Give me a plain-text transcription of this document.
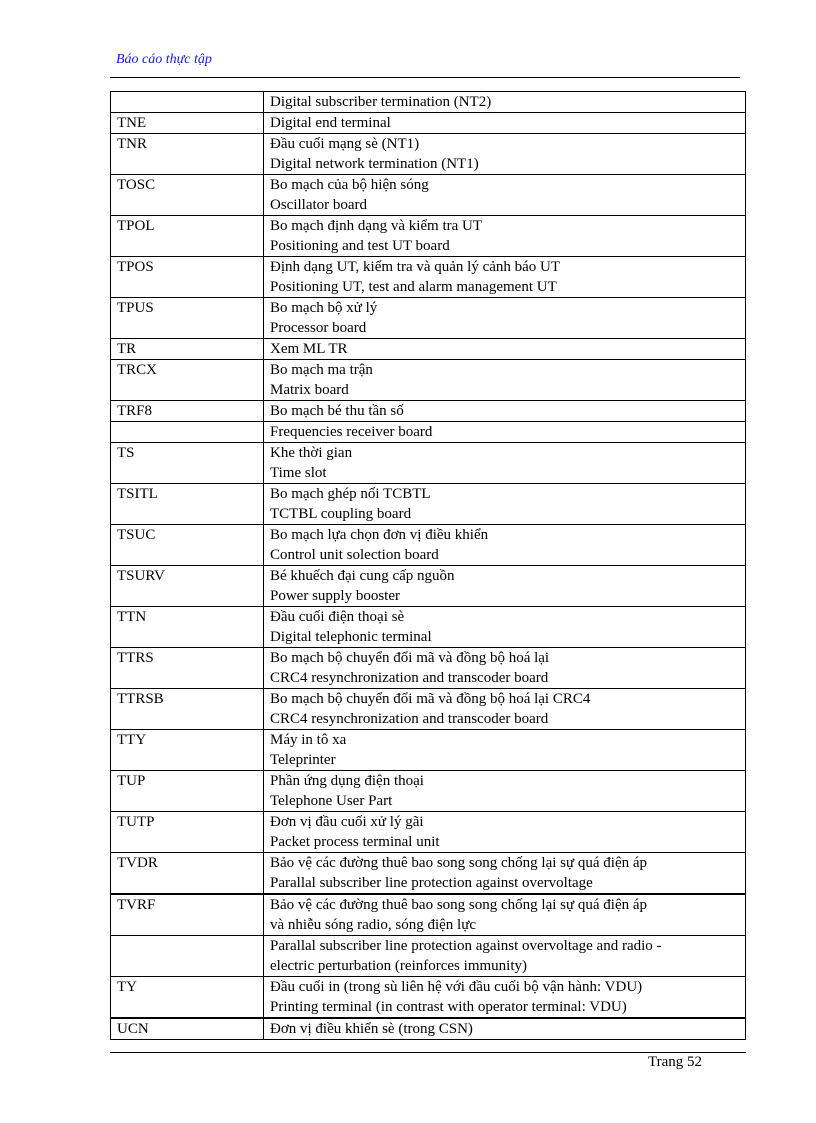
Báo cáo thực tập

	Digital subscriber termination (NT2)

TNE	Digital end terminal

TNR	Đầu cuối mạng sè (NT1)
Digital network termination (NT1)

TOSC	Bo mạch của bộ hiện sóng
Oscillator board

TPOL	Bo mạch định dạng và kiểm tra UT
Positioning and test UT board

TPOS	Định dạng UT, kiểm tra và quản lý cảnh báo UT
Positioning UT, test and alarm management UT

TPUS	Bo mạch bộ xử lý
Processor board

TR	Xem ML TR

TRCX	Bo mạch ma trận
Matrix board

TRF8	Bo mạch bé thu tần số

	Frequencies receiver board

TS	Khe thời gian
Time slot

TSITL	Bo mạch ghép nối TCBTL
TCTBL coupling board

TSUC	Bo mạch lựa chọn đơn vị điều khiển
Control unit solection board

TSURV	Bé khuếch đại cung cấp nguồn
Power supply booster

TTN	Đầu cuối điện thoại sè
Digital telephonic terminal

TTRS	Bo mạch bộ chuyển đổi mã và đồng bộ hoá lại
CRC4 resynchronization and transcoder board

TTRSB	Bo mạch bộ chuyển đổi mã và đồng bộ hoá lại CRC4
CRC4 resynchronization and transcoder board

TTY	Máy in tô xa
Teleprinter

TUP	Phần ứng dụng điện thoại
Telephone User Part

TUTP	Đơn vị đầu cuối xử lý gãi
Packet process terminal unit

TVDR	Bảo vệ các đường thuê bao song song chống lại sự quá điện áp
Parallal subscriber line protection against overvoltage

TVRF	Bảo vệ các đường thuê bao song song chống lại sự quá điện áp
và nhiễu sóng radio, sóng điện lực

	Parallal subscriber line protection against overvoltage and radio -
electric perturbation (reinforces immunity)

TY	Đầu cuối in (trong sù liên hệ với đầu cuối bộ vận hành: VDU)
Printing terminal (in contrast with operator terminal: VDU)

UCN	Đơn vị điều khiển sè (trong CSN)
Trang 52
